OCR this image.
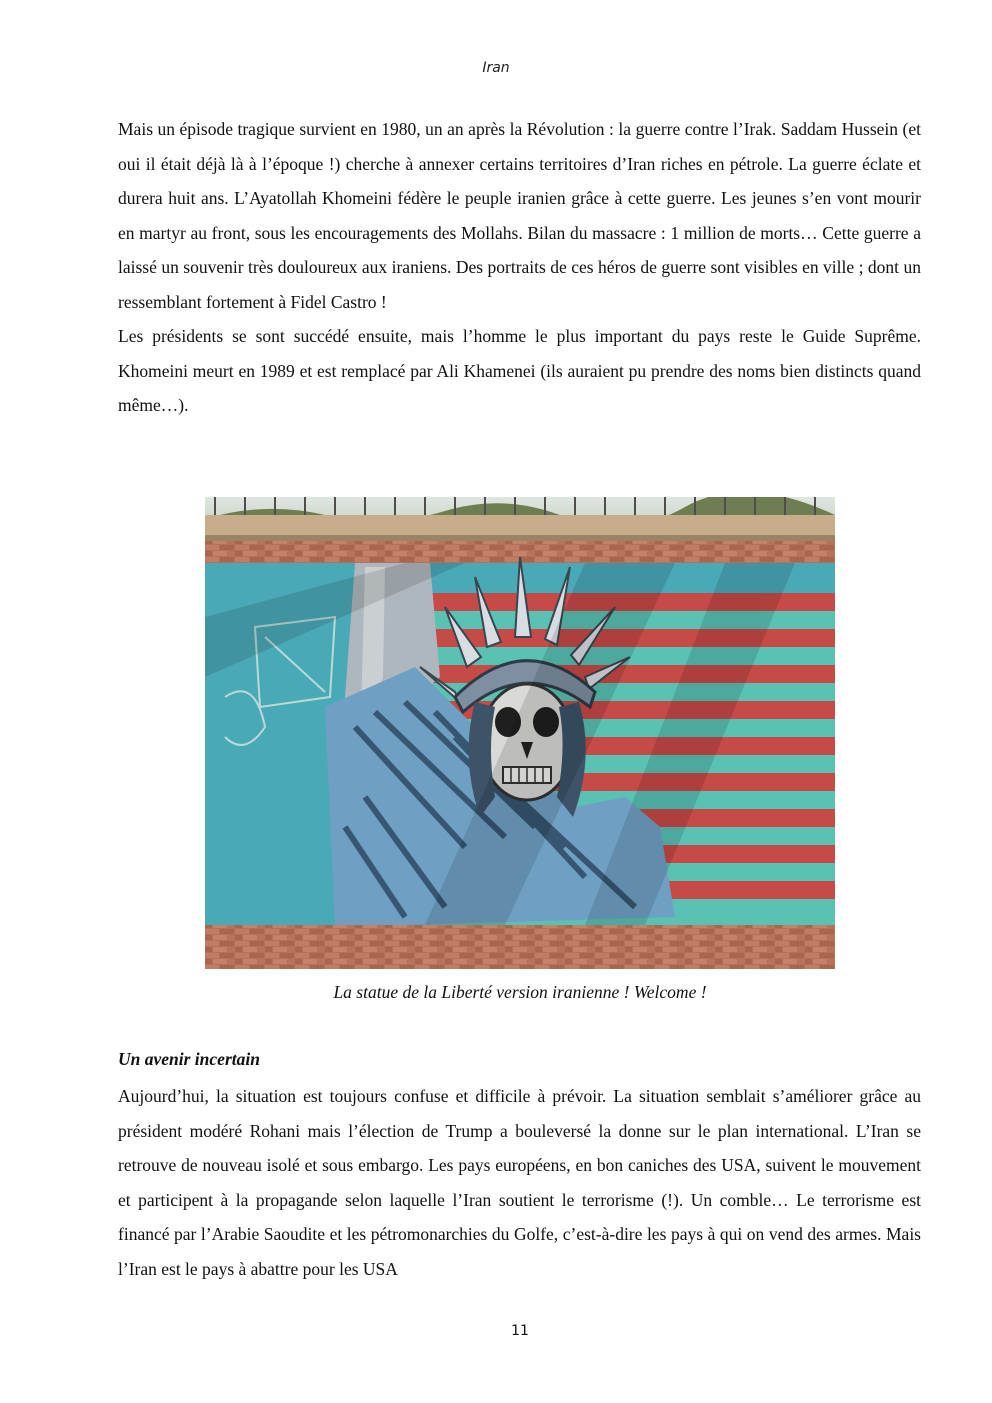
Iran

Mais un épisode tragique survient en 1980, un an après la Révolution : la guerre contre l’Irak. Saddam Hussein (et oui il était déjà là à l’époque !) cherche à annexer certains territoires d’Iran riches en pétrole. La guerre éclate et durera huit ans. L’Ayatollah Khomeini fédère le peuple iranien grâce à cette guerre. Les jeunes s’en vont mourir en martyr au front, sous les encouragements des Mollahs. Bilan du massacre : 1 million de morts… Cette guerre a laissé un souvenir très douloureux aux iraniens. Des portraits de ces héros de guerre sont visibles en ville ; dont un ressemblant fortement à Fidel Castro !

Les présidents se sont succédé ensuite, mais l’homme le plus important du pays reste le Guide Suprême. Khomeini meurt en 1989 et est remplacé par Ali Khamenei (ils auraient pu prendre des noms bien distincts quand même…).

La statue de la Liberté version iranienne ! Welcome !
Un avenir incertain

Aujourd’hui, la situation est toujours confuse et difficile à prévoir. La situation semblait s’améliorer grâce au président modéré Rohani mais l’élection de Trump a bouleversé la donne sur le plan international. L’Iran se retrouve de nouveau isolé et sous embargo. Les pays européens, en bon caniches des USA, suivent le mouvement et participent à la propagande selon laquelle l’Iran soutient le terrorisme (!). Un comble… Le terrorisme est financé par l’Arabie Saoudite et les pétromonarchies du Golfe, c’est-à-dire les pays à qui on vend des armes. Mais l’Iran est le pays à abattre pour les USA

11
